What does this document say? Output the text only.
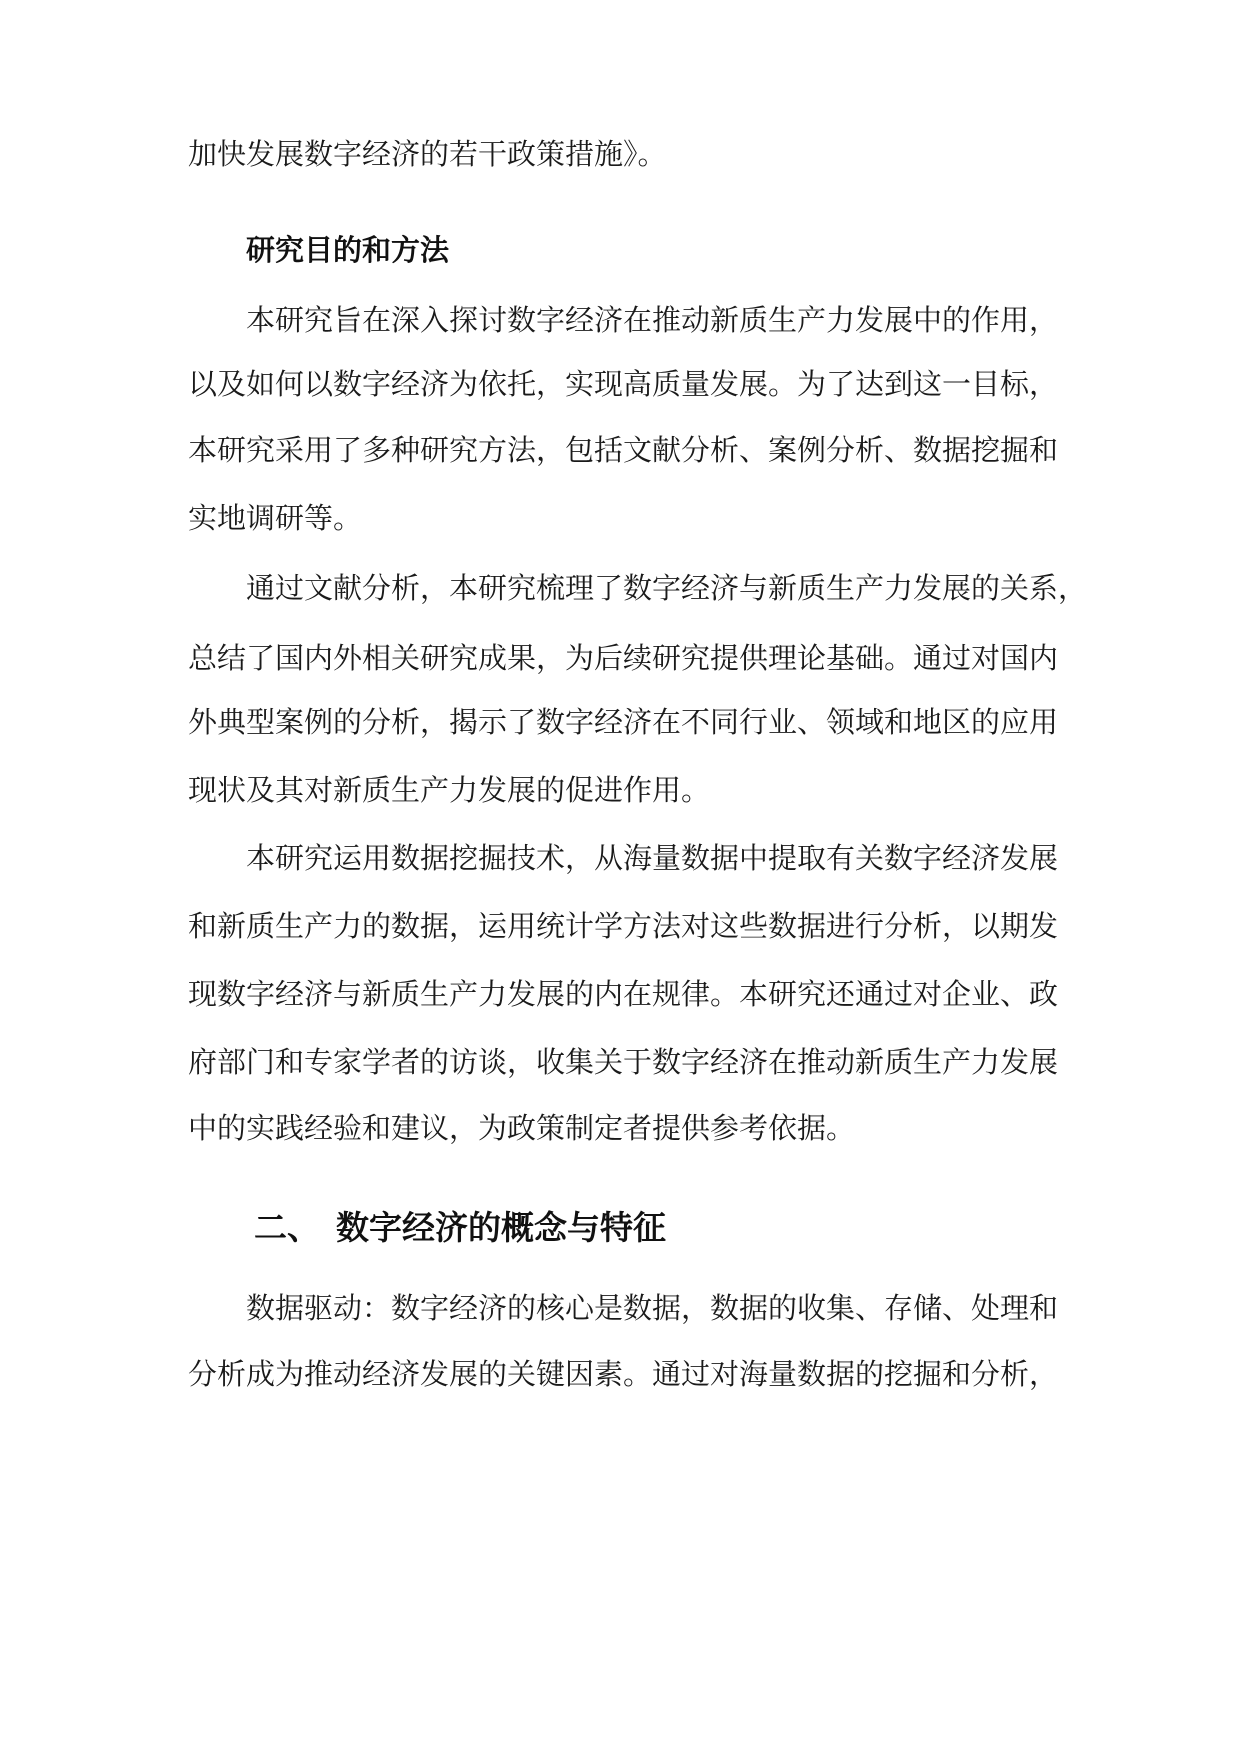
加快发展数字经济的若干政策措施》。
研究目的和方法
本研究旨在深入探讨数字经济在推动新质生产力发展中的作用，
以及如何以数字经济为依托，实现高质量发展。为了达到这一目标，
本研究采用了多种研究方法，包括文献分析、案例分析、数据挖掘和
实地调研等。
通过文献分析，本研究梳理了数字经济与新质生产力发展的关系，
总结了国内外相关研究成果，为后续研究提供理论基础。通过对国内
外典型案例的分析，揭示了数字经济在不同行业、领域和地区的应用
现状及其对新质生产力发展的促进作用。
本研究运用数据挖掘技术，从海量数据中提取有关数字经济发展
和新质生产力的数据，运用统计学方法对这些数据进行分析，以期发
现数字经济与新质生产力发展的内在规律。本研究还通过对企业、政
府部门和专家学者的访谈，收集关于数字经济在推动新质生产力发展
中的实践经验和建议，为政策制定者提供参考依据。
二、 数字经济的概念与特征
数据驱动：数字经济的核心是数据，数据的收集、存储、处理和
分析成为推动经济发展的关键因素。通过对海量数据的挖掘和分析，
